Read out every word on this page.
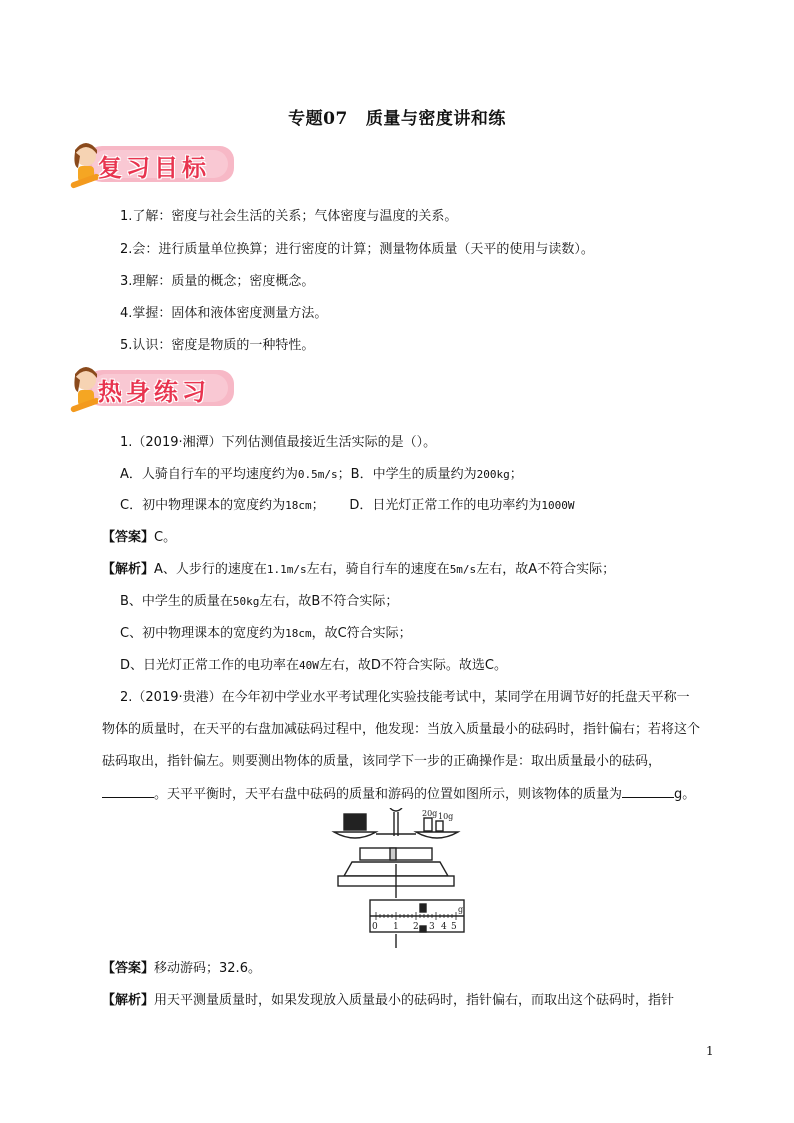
专题07 质量与密度讲和练
复习目标
1.了解：密度与社会生活的关系；气体密度与温度的关系。
2.会：进行质量单位换算；进行密度的计算；测量物体质量（天平的使用与读数）。
3.理解：质量的概念；密度概念。
4.掌握：固体和液体密度测量方法。
5.认识：密度是物质的一种特性。
热身练习
1.（2019·湘潭）下列估测值最接近生活实际的是（）。
A．人骑自行车的平均速度约为0.5m/s；B．中学生的质量约为200kg；
C．初中物理课本的宽度约为18cm；      D．日光灯正常工作的电功率约为1000W
【答案】C。
【解析】A、人步行的速度在1.1m/s左右，骑自行车的速度在5m/s左右，故A不符合实际；
B、中学生的质量在50kg左右，故B不符合实际；
C、初中物理课本的宽度约为18cm，故C符合实际；
D、日光灯正常工作的电功率在40W左右，故D不符合实际。故选C。
2.（2019·贵港）在今年初中学业水平考试理化实验技能考试中，某同学在用调节好的托盘天平称一
物体的质量时，在天平的右盘加减砝码过程中，他发现：当放入质量最小的砝码时，指针偏右；若将这个
砝码取出，指针偏左。则要测出物体的质量，该同学下一步的正确操作是：取出质量最小的砝码，
。天平平衡时，天平右盘中砝码的质量和游码的位置如图所示，则该物体的质量为	g。
20g 10g
0 1 2 3 4 5
g
【答案】移动游码；32.6。
【解析】用天平测量质量时，如果发现放入质量最小的砝码时，指针偏右，而取出这个砝码时，指针
1
